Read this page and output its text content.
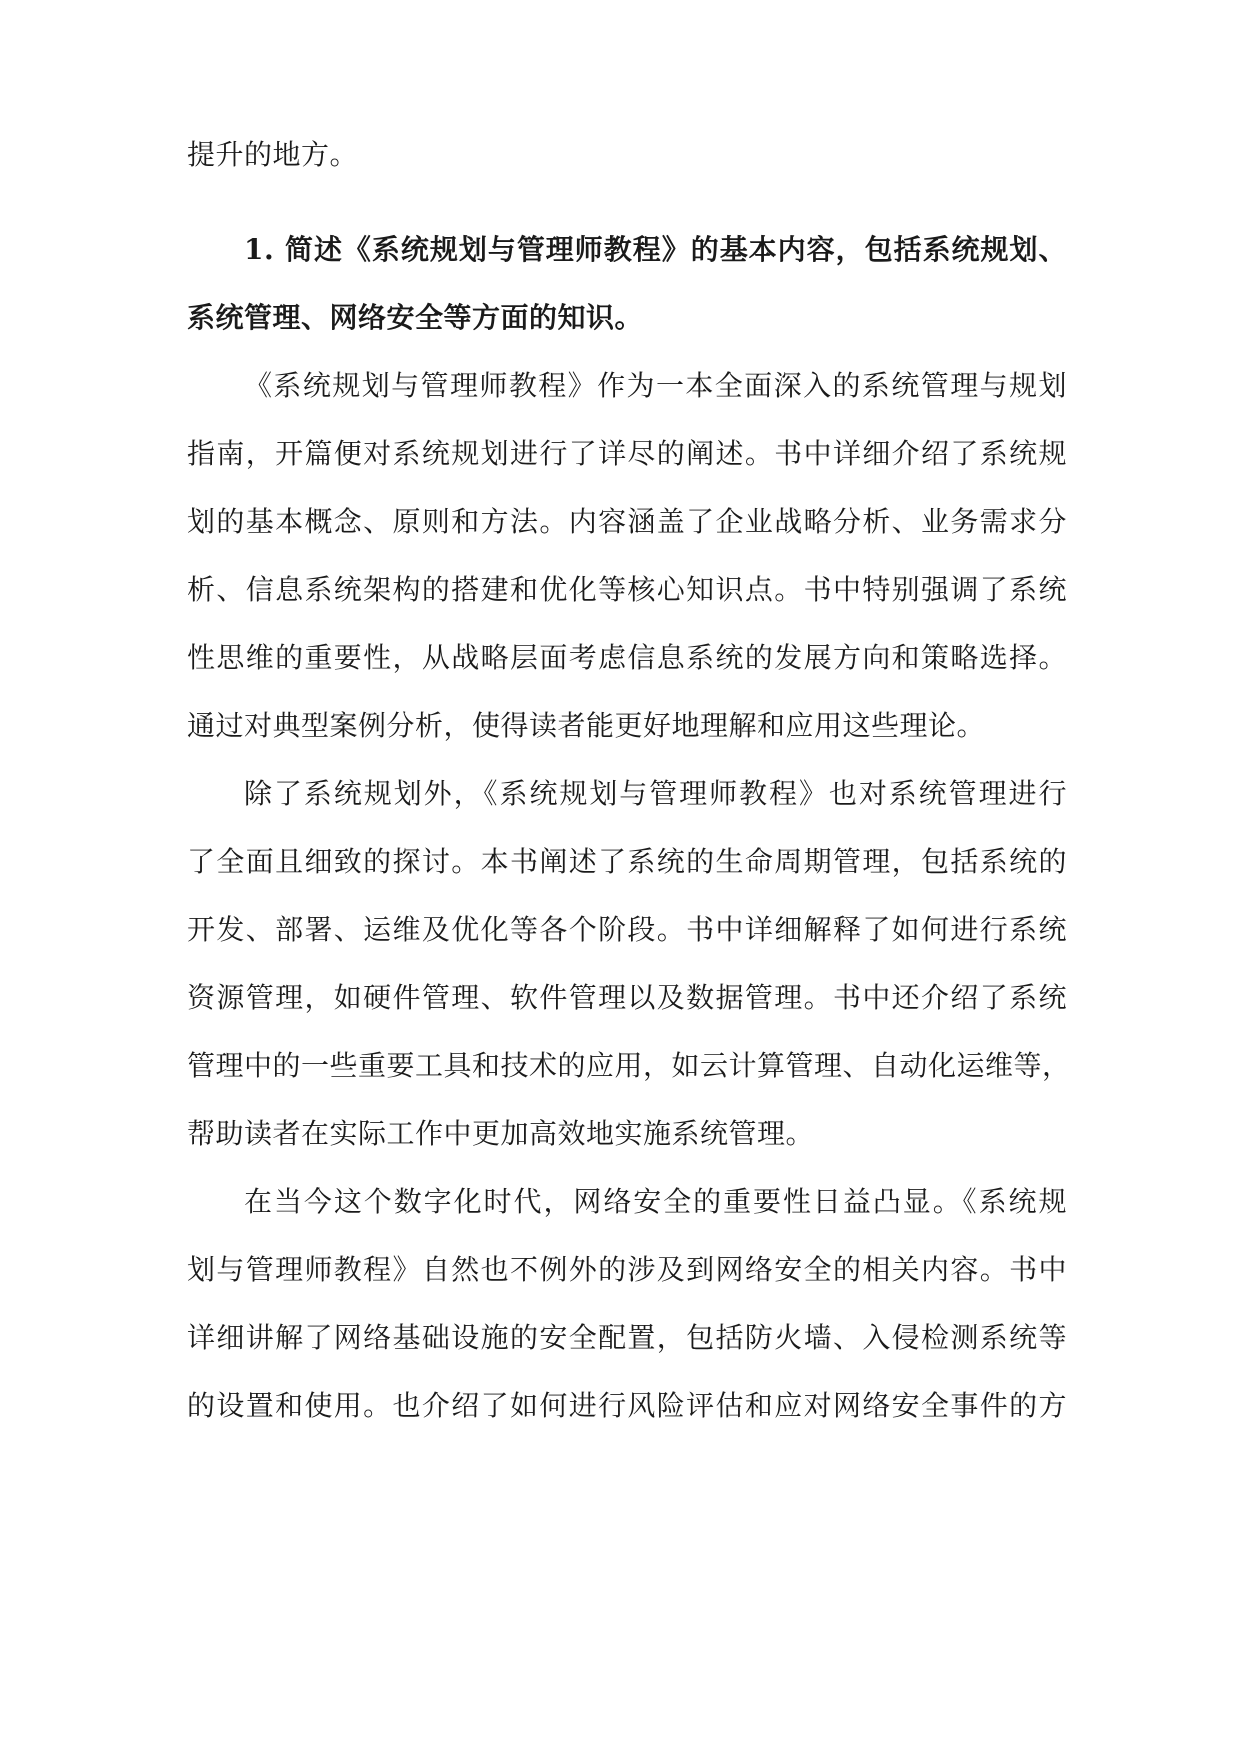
提升的地方。
1. 简述《系统规划与管理师教程》的基本内容，包括系统规划、
系统管理、网络安全等方面的知识。
《系统规划与管理师教程》作为一本全面深入的系统管理与规划
指南，开篇便对系统规划进行了详尽的阐述。书中详细介绍了系统规
划的基本概念、原则和方法。内容涵盖了企业战略分析、业务需求分
析、信息系统架构的搭建和优化等核心知识点。书中特别强调了系统
性思维的重要性，从战略层面考虑信息系统的发展方向和策略选择。
通过对典型案例分析，使得读者能更好地理解和应用这些理论。
除了系统规划外，《系统规划与管理师教程》也对系统管理进行
了全面且细致的探讨。本书阐述了系统的生命周期管理，包括系统的
开发、部署、运维及优化等各个阶段。书中详细解释了如何进行系统
资源管理，如硬件管理、软件管理以及数据管理。书中还介绍了系统
管理中的一些重要工具和技术的应用，如云计算管理、自动化运维等，
帮助读者在实际工作中更加高效地实施系统管理。
在当今这个数字化时代，网络安全的重要性日益凸显。《系统规
划与管理师教程》自然也不例外的涉及到网络安全的相关内容。书中
详细讲解了网络基础设施的安全配置，包括防火墙、入侵检测系统等
的设置和使用。也介绍了如何进行风险评估和应对网络安全事件的方
